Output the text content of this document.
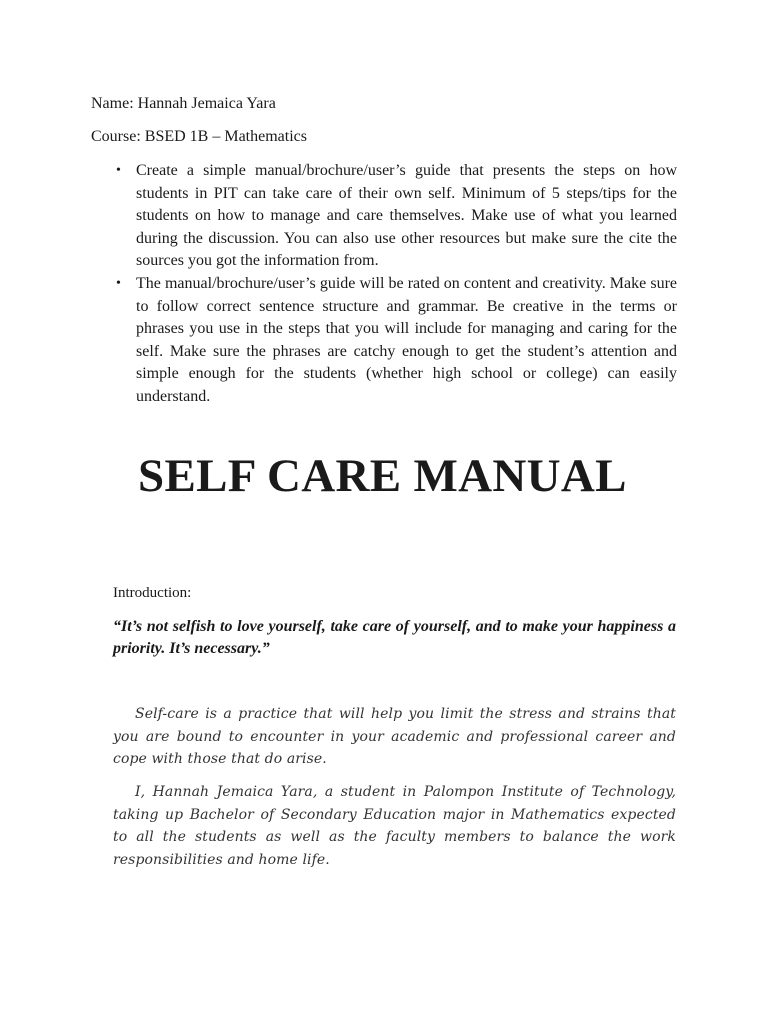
Name: Hannah Jemaica Yara

Course: BSED 1B – Mathematics

• Create a simple manual/brochure/user’s guide that presents the steps on how students in PIT can take care of their own self. Minimum of 5 steps/tips for the students on how to manage and care themselves. Make use of what you learned during the discussion. You can also use other resources but make sure the cite the sources you got the information from.
• The manual/brochure/user’s guide will be rated on content and creativity. Make sure to follow correct sentence structure and grammar. Be creative in the terms or phrases you use in the steps that you will include for managing and caring for the self. Make sure the phrases are catchy enough to get the student’s attention and simple enough for the students (whether high school or college) can easily understand.
SELF CARE MANUAL

Introduction:

“It’s not selfish to love yourself, take care of yourself, and to make your happiness a priority. It’s necessary.”

Self-care is a practice that will help you limit the stress and strains that you are bound to encounter in your academic and professional career and cope with those that do arise.

I, Hannah Jemaica Yara, a student in Palompon Institute of Technology, taking up Bachelor of Secondary Education major in Mathematics expected to all the students as well as the faculty members to balance the work responsibilities and home life.
